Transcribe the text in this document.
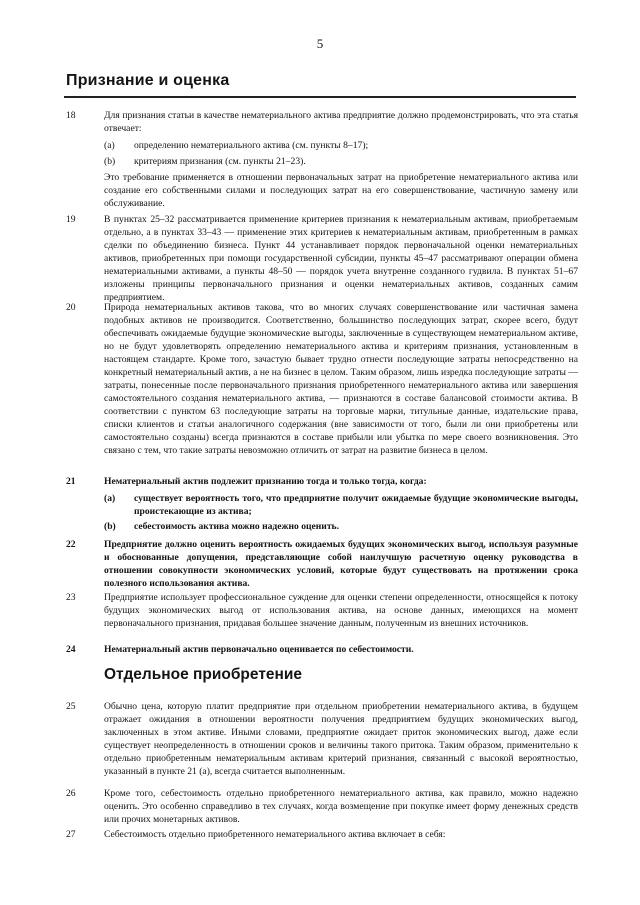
5
Признание и оценка
18	Для признания статьи в качестве нематериального актива предприятие должно продемонстрировать, что эта статья отвечает:
(a) определению нематериального актива (см. пункты 8–17);
(b) критериям признания (см. пункты 21–23).
Это требование применяется в отношении первоначальных затрат на приобретение нематериального актива или создание его собственными силами и последующих затрат на его совершенствование, частичную замену или обслуживание.
19	В пунктах 25–32 рассматривается применение критериев признания к нематериальным активам, приобретаемым отдельно, а в пунктах 33–43 — применение этих критериев к нематериальным активам, приобретенным в рамках сделки по объединению бизнеса. Пункт 44 устанавливает порядок первоначальной оценки нематериальных активов, приобретенных при помощи государственной субсидии, пункты 45–47 рассматривают операции обмена нематериальными активами, а пункты 48–50 — порядок учета внутренне созданного гудвила. В пунктах 51–67 изложены принципы первоначального признания и оценки нематериальных активов, созданных самим предприятием.
20	Природа нематериальных активов такова, что во многих случаях совершенствование или частичная замена подобных активов не производится. Соответственно, большинство последующих затрат, скорее всего, будут обеспечивать ожидаемые будущие экономические выгоды, заключенные в существующем нематериальном активе, но не будут удовлетворять определению нематериального актива и критериям признания, установленным в настоящем стандарте. Кроме того, зачастую бывает трудно отнести последующие затраты непосредственно на конкретный нематериальный актив, а не на бизнес в целом. Таким образом, лишь изредка последующие затраты — затраты, понесенные после первоначального признания приобретенного нематериального актива или завершения самостоятельного создания нематериального актива, — признаются в составе балансовой стоимости актива. В соответствии с пунктом 63 последующие затраты на торговые марки, титульные данные, издательские права, списки клиентов и статьи аналогичного содержания (вне зависимости от того, были ли они приобретены или самостоятельно созданы) всегда признаются в составе прибыли или убытка по мере своего возникновения. Это связано с тем, что такие затраты невозможно отличить от затрат на развитие бизнеса в целом.
21	Нематериальный актив подлежит признанию тогда и только тогда, когда:
(a) существует вероятность того, что предприятие получит ожидаемые будущие экономические выгоды, проистекающие из актива;
(b) себестоимость актива можно надежно оценить.
22	Предприятие должно оценить вероятность ожидаемых будущих экономических выгод, используя разумные и обоснованные допущения, представляющие собой наилучшую расчетную оценку руководства в отношении совокупности экономических условий, которые будут существовать на протяжении срока полезного использования актива.
23	Предприятие использует профессиональное суждение для оценки степени определенности, относящейся к потоку будущих экономических выгод от использования актива, на основе данных, имеющихся на момент первоначального признания, придавая большее значение данным, полученным из внешних источников.
24	Нематериальный актив первоначально оценивается по себестоимости.
Отдельное приобретение
25	Обычно цена, которую платит предприятие при отдельном приобретении нематериального актива, в будущем отражает ожидания в отношении вероятности получения предприятием будущих экономических выгод, заключенных в этом активе. Иными словами, предприятие ожидает приток экономических выгод, даже если существует неопределенность в отношении сроков и величины такого притока. Таким образом, применительно к отдельно приобретенным нематериальным активам критерий признания, связанный с высокой вероятностью, указанный в пункте 21 (а), всегда считается выполненным.
26	Кроме того, себестоимость отдельно приобретенного нематериального актива, как правило, можно надежно оценить. Это особенно справедливо в тех случаях, когда возмещение при покупке имеет форму денежных средств или прочих монетарных активов.
27	Себестоимость отдельно приобретенного нематериального актива включает в себя:
